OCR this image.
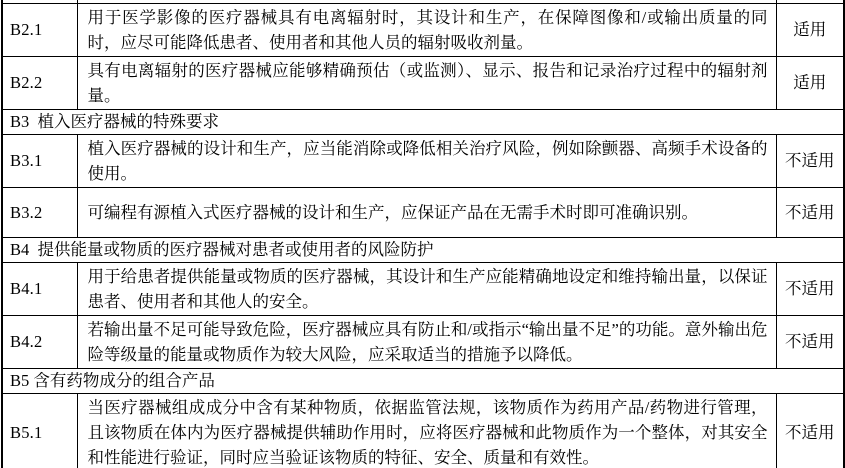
B2.1	用于医学影像的医疗器械具有电离辐射时，其设计和生产，在保障图像和/或输出质量的同时，应尽可能降低患者、使用者和其他人员的辐射吸收剂量。	适用
B2.2	具有电离辐射的医疗器械应能够精确预估（或监测）、显示、报告和记录治疗过程中的辐射剂量。	适用
B3  植入医疗器械的特殊要求		
B3.1	植入医疗器械的设计和生产，应当能消除或降低相关治疗风险，例如除颤器、高频手术设备的使用。	不适用
B3.2	可编程有源植入式医疗器械的设计和生产，应保证产品在无需手术时即可准确识别。	不适用
B4  提供能量或物质的医疗器械对患者或使用者的风险防护		
B4.1	用于给患者提供能量或物质的医疗器械，其设计和生产应能精确地设定和维持输出量，以保证患者、使用者和其他人的安全。	不适用
B4.2	若输出量不足可能导致危险，医疗器械应具有防止和/或指示“输出量不足”的功能。意外输出危险等级量的能量或物质作为较大风险，应采取适当的措施予以降低。	不适用
B5 含有药物成分的组合产品		
B5.1	当医疗器械组成成分中含有某种物质，依据监管法规，该物质作为药用产品/药物进行管理，且该物质在体内为医疗器械提供辅助作用时，应将医疗器械和此物质作为一个整体，对其安全和性能进行验证，同时应当验证该物质的特征、安全、质量和有效性。	不适用
